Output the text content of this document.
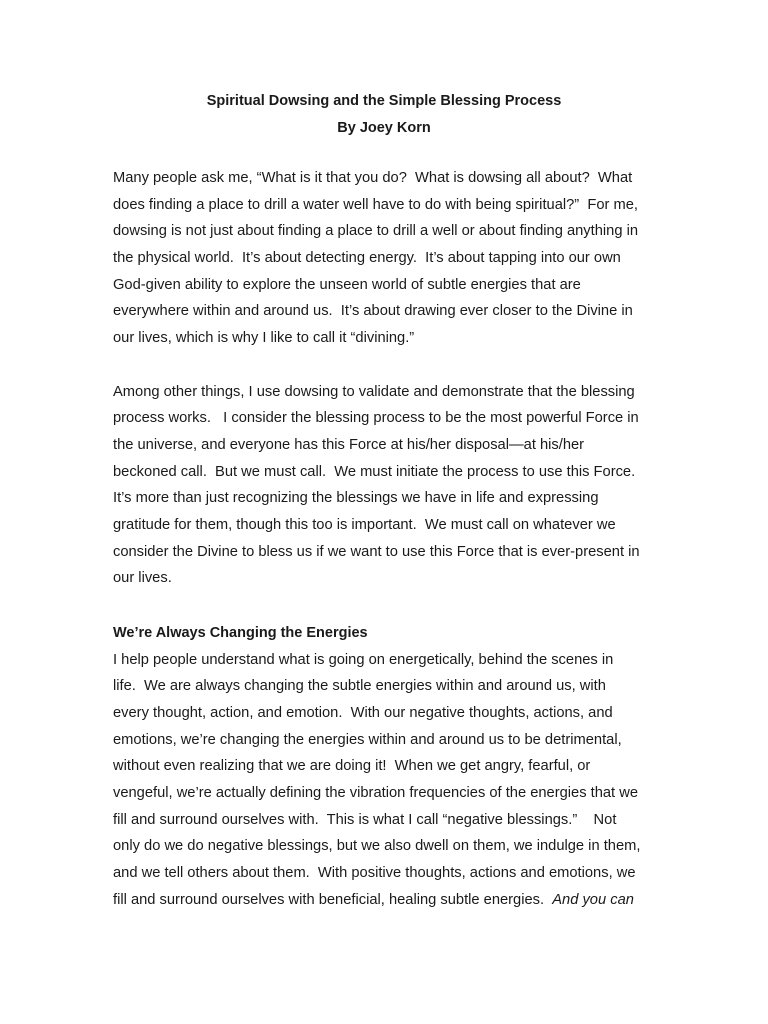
Spiritual Dowsing and the Simple Blessing Process
By Joey Korn
Many people ask me, “What is it that you do?  What is dowsing all about?  What
does finding a place to drill a water well have to do with being spiritual?”  For me,
dowsing is not just about finding a place to drill a well or about finding anything in
the physical world.  It’s about detecting energy.  It’s about tapping into our own
God-given ability to explore the unseen world of subtle energies that are
everywhere within and around us.  It’s about drawing ever closer to the Divine in
our lives, which is why I like to call it “divining.”
Among other things, I use dowsing to validate and demonstrate that the blessing
process works.   I consider the blessing process to be the most powerful Force in
the universe, and everyone has this Force at his/her disposal—at his/her
beckoned call.  But we must call.  We must initiate the process to use this Force.
It’s more than just recognizing the blessings we have in life and expressing
gratitude for them, though this too is important.  We must call on whatever we
consider the Divine to bless us if we want to use this Force that is ever-present in
our lives.
We’re Always Changing the Energies
I help people understand what is going on energetically, behind the scenes in
life.  We are always changing the subtle energies within and around us, with
every thought, action, and emotion.  With our negative thoughts, actions, and
emotions, we’re changing the energies within and around us to be detrimental,
without even realizing that we are doing it!  When we get angry, fearful, or
vengeful, we’re actually defining the vibration frequencies of the energies that we
fill and surround ourselves with.  This is what I call “negative blessings.”    Not
only do we do negative blessings, but we also dwell on them, we indulge in them,
and we tell others about them.  With positive thoughts, actions and emotions, we
fill and surround ourselves with beneficial, healing subtle energies.  And you can
